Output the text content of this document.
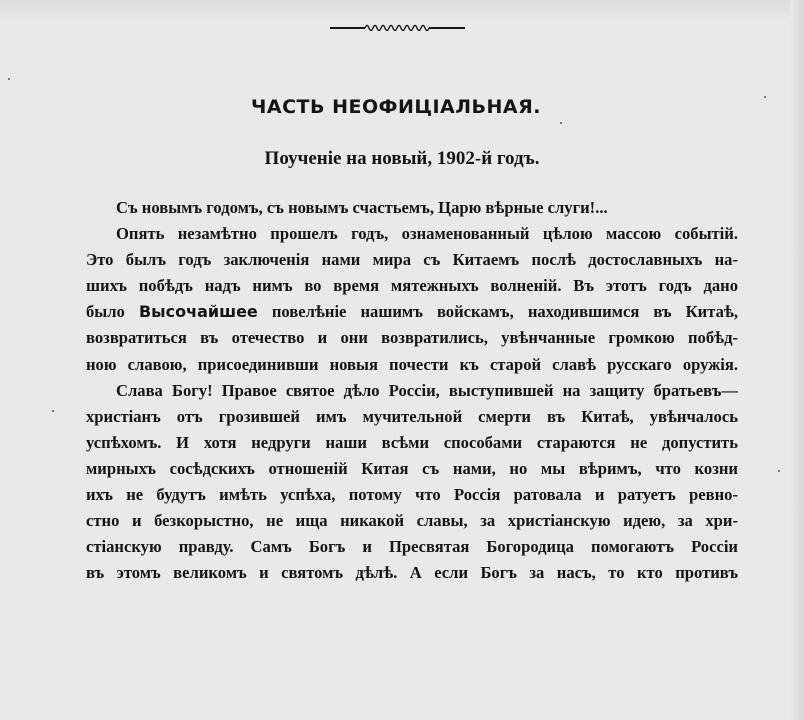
ЧАСТЬ НЕОФИЦІАЛЬНАЯ.
Поученіе на новый, 1902-й годъ.
Съ новымъ годомъ, съ новымъ счастьемъ, Царю вѣрные слуги!...
Опять незамѣтно прошелъ годъ, ознаменованный цѣлою массою событій.
Это былъ годъ заключенія нами мира съ Китаемъ послѣ достославныхъ на-
шихъ побѣдъ надъ нимъ во время мятежныхъ волненій. Въ этотъ годъ дано
было Высочайшее повелѣніе нашимъ войскамъ, находившимся въ Китаѣ,
возвратиться въ отечество и они возвратились, увѣнчанные громкою побѣд-
ною славою, присоединивши новыя почести къ старой славѣ русскаго оружія.
Слава Богу! Правое святое дѣло Россіи, выступившей на защиту братьевъ—
христіанъ отъ грозившей имъ мучительной смерти въ Китаѣ, увѣнчалось
успѣхомъ. И хотя недруги наши всѣми способами стараются не допустить
мирныхъ сосѣдскихъ отношеній Китая съ нами, но мы вѣримъ, что козни
ихъ не будутъ имѣть успѣха, потому что Россія ратовала и ратуетъ ревно-
стно и безкорыстно, не ища никакой славы, за христіанскую идею, за хри-
стіанскую правду. Самъ Богъ и Пресвятая Богородица помогаютъ Россіи
въ этомъ великомъ и святомъ дѣлѣ. А если Богъ за насъ, то кто противъ
